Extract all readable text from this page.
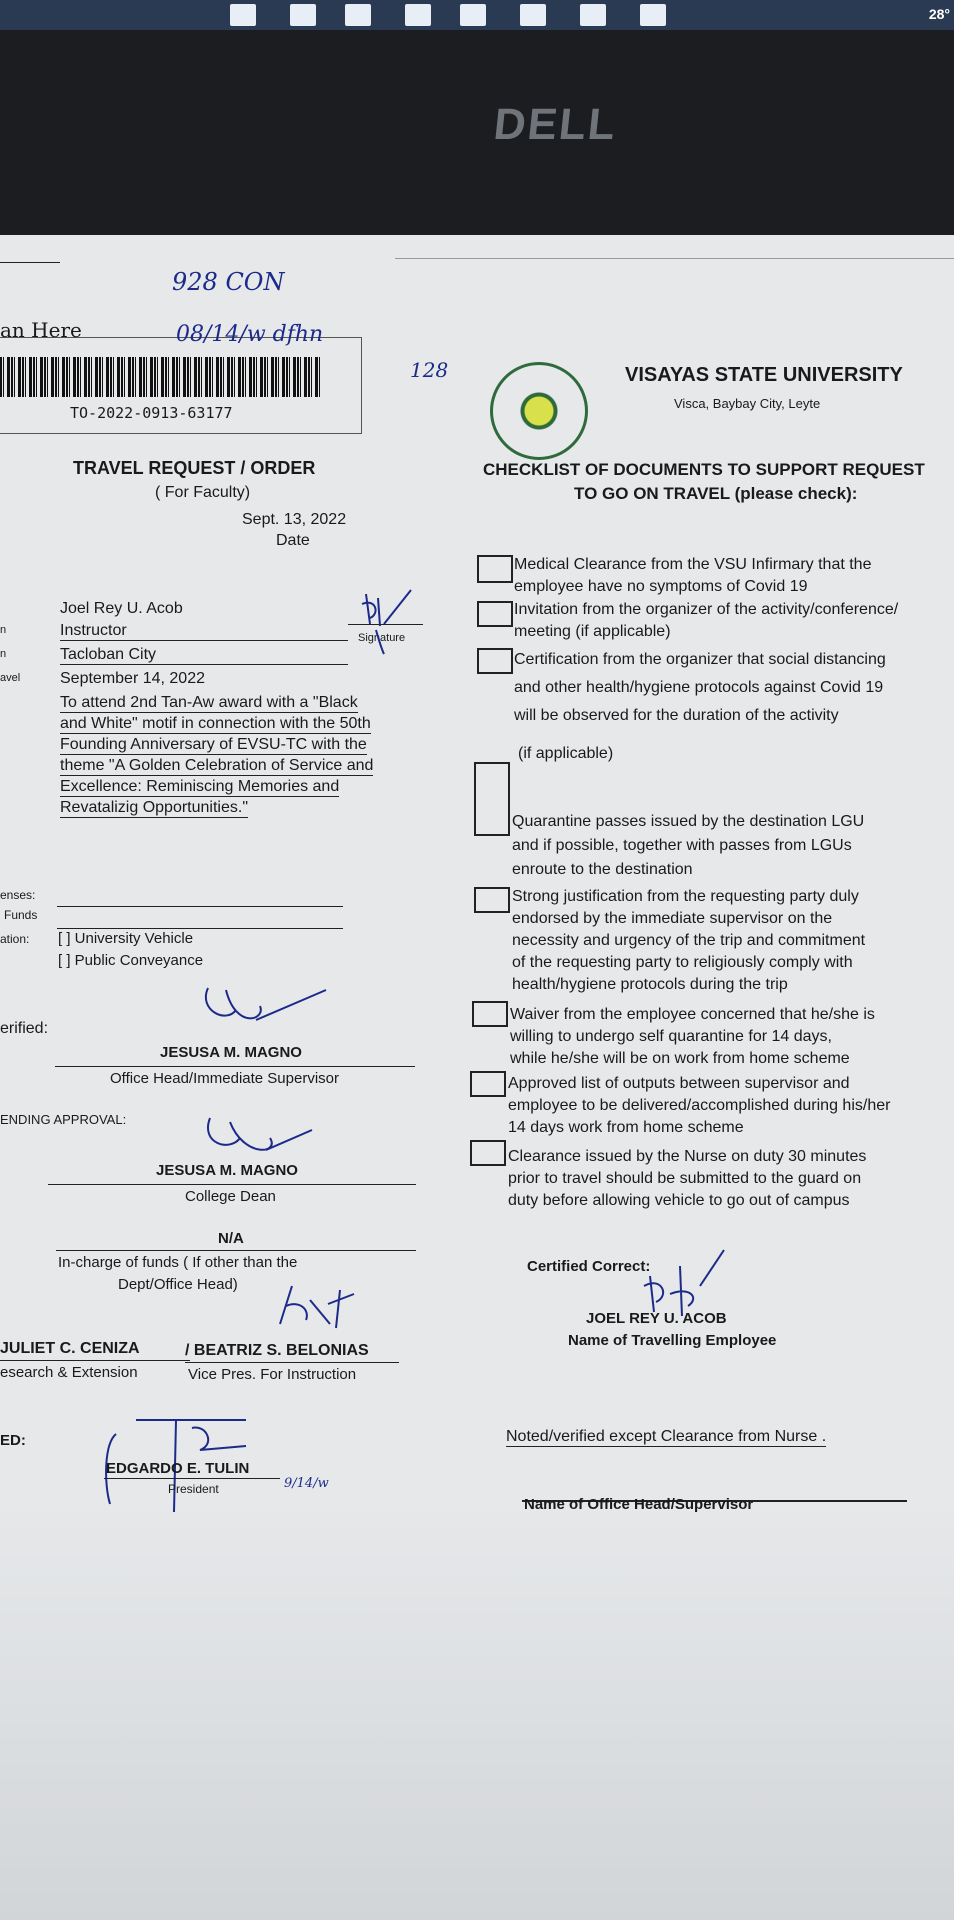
28°
DELL
928 CON
an Here	08/14/w dfhn
TO-2022-0913-63177
128	VISAYAS STATE UNIVERSITY
Visca, Baybay City, Leyte
TRAVEL REQUEST / ORDER
( For Faculty)
Sept. 13, 2022
Date
Joel Rey U. Acob
n	Instructor
n	Tacloban City
avel September 14, 2022
Signature
To attend 2nd Tan-Aw award with a "Black
and White" motif in connection with the 50th
Founding Anniversary of EVSU-TC with the
theme "A Golden Celebration of Service and
Excellence: Reminiscing Memories and
Revatalizig Opportunities."
enses:
Funds
ation: [ ] University Vehicle
[ ] Public Conveyance
erified:
JESUSA M. MAGNO
Office Head/Immediate Supervisor
ENDING APPROVAL:
JESUSA M. MAGNO
College Dean
N/A
In-charge of funds ( If other than the
Dept/Office Head)
JULIET C. CENIZA
esearch & Extension
/ BEATRIZ S. BELONIAS
Vice Pres. For Instruction
ED:
EDGARDO E. TULIN
President	9/14/w
CHECKLIST OF DOCUMENTS TO SUPPORT REQUEST
TO GO ON TRAVEL (please check):
Medical Clearance from the VSU Infirmary that the
employee have no symptoms of Covid 19
Invitation from the organizer of the activity/conference/
meeting (if applicable)
Certification from the organizer that social distancing
and other health/hygiene protocols against Covid 19
will be observed for the duration of the activity
(if applicable)
Quarantine passes issued by the destination LGU
and if possible, together with passes from LGUs
enroute to the destination
Strong justification from the requesting party duly
endorsed by the immediate supervisor on the
necessity and urgency of the trip and commitment
of the requesting party to religiously comply with
health/hygiene protocols during the trip
Waiver from the employee concerned that he/she is
willing to undergo self quarantine for 14 days,
while he/she will be on work from home scheme
Approved list of outputs between supervisor and
employee to be delivered/accomplished during his/her
14 days work from home scheme
Clearance issued by the Nurse on duty 30 minutes
prior to travel should be submitted to the guard on
duty before allowing vehicle to go out of campus
Certified Correct:
JOEL REY U. ACOB
Name of Travelling Employee
Noted/verified except Clearance from Nurse .
Name of Office Head/Supervisor
